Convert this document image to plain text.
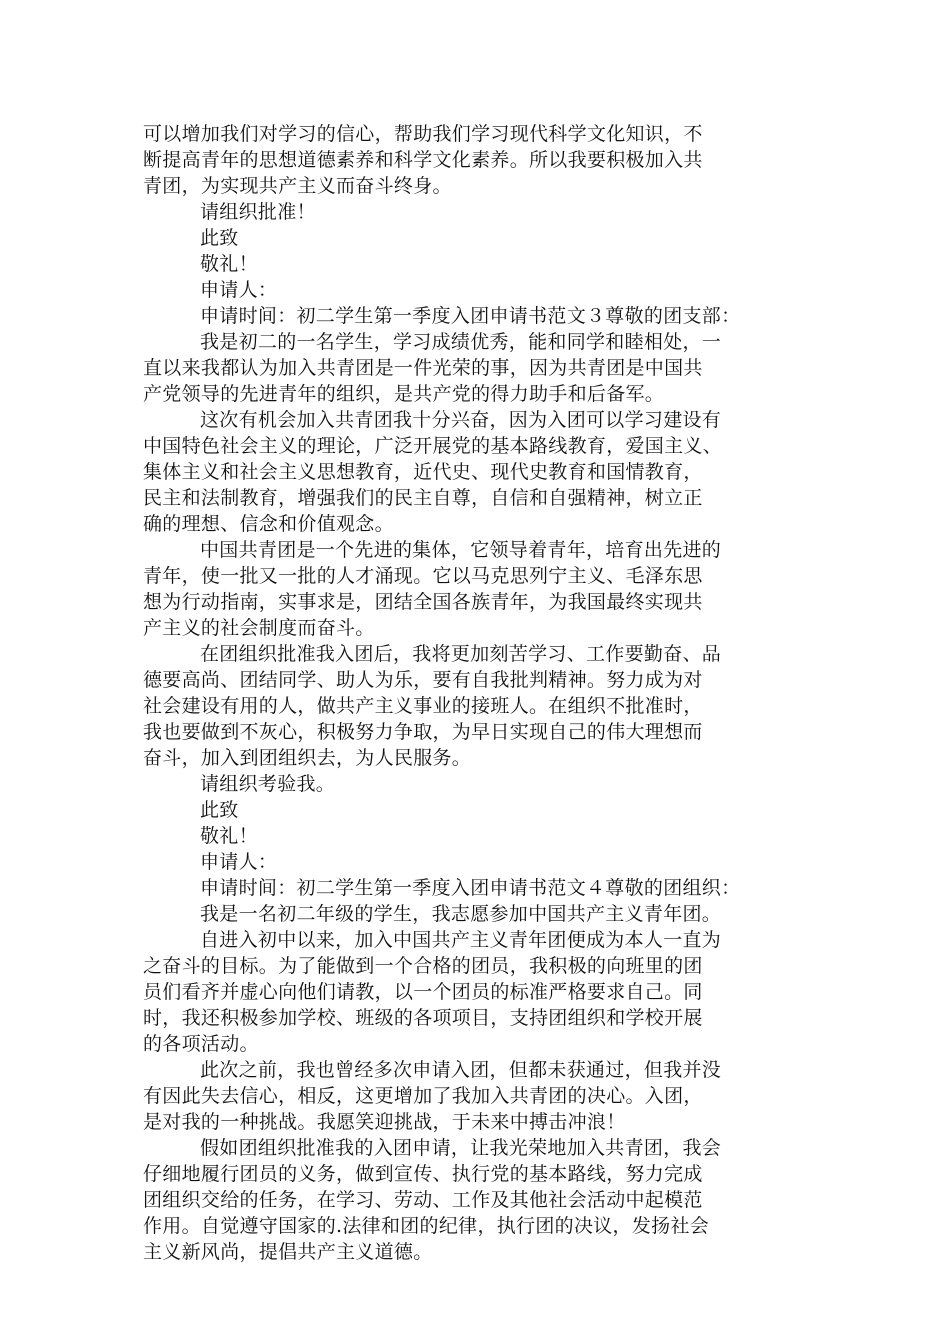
可以增加我们对学习的信心，帮助我们学习现代科学文化知识，不
断提高青年的思想道德素养和科学文化素养。所以我要积极加入共
青团，为实现共产主义而奋斗终身。
请组织批准！
此致
敬礼！
申请人：
申请时间：初二学生第一季度入团申请书范文３尊敬的团支部：
我是初二的一名学生，学习成绩优秀，能和同学和睦相处，一
直以来我都认为加入共青团是一件光荣的事，因为共青团是中国共
产党领导的先进青年的组织，是共产党的得力助手和后备军。
这次有机会加入共青团我十分兴奋，因为入团可以学习建设有
中国特色社会主义的理论，广泛开展党的基本路线教育，爱国主义、
集体主义和社会主义思想教育，近代史、现代史教育和国情教育，
民主和法制教育，增强我们的民主自尊，自信和自强精神，树立正
确的理想、信念和价值观念。
中国共青团是一个先进的集体，它领导着青年，培育出先进的
青年，使一批又一批的人才涌现。它以马克思列宁主义、毛泽东思
想为行动指南，实事求是，团结全国各族青年，为我国最终实现共
产主义的社会制度而奋斗。
在团组织批准我入团后，我将更加刻苦学习、工作要勤奋、品
德要高尚、团结同学、助人为乐，要有自我批判精神。努力成为对
社会建设有用的人，做共产主义事业的接班人。在组织不批准时，
我也要做到不灰心，积极努力争取，为早日实现自己的伟大理想而
奋斗，加入到团组织去，为人民服务。
请组织考验我。
此致
敬礼！
申请人：
申请时间：初二学生第一季度入团申请书范文４尊敬的团组织：
我是一名初二年级的学生，我志愿参加中国共产主义青年团。
自进入初中以来，加入中国共产主义青年团便成为本人一直为
之奋斗的目标。为了能做到一个合格的团员，我积极的向班里的团
员们看齐并虚心向他们请教，以一个团员的标准严格要求自己。同
时，我还积极参加学校、班级的各项项目，支持团组织和学校开展
的各项活动。
此次之前，我也曾经多次申请入团，但都未获通过，但我并没
有因此失去信心，相反，这更增加了我加入共青团的决心。入团，
是对我的一种挑战。我愿笑迎挑战，于未来中搏击冲浪！
假如团组织批准我的入团申请，让我光荣地加入共青团，我会
仔细地履行团员的义务，做到宣传、执行党的基本路线，努力完成
团组织交给的任务，在学习、劳动、工作及其他社会活动中起模范
作用。自觉遵守国家的.法律和团的纪律，执行团的决议，发扬社会
主义新风尚，提倡共产主义道德。
